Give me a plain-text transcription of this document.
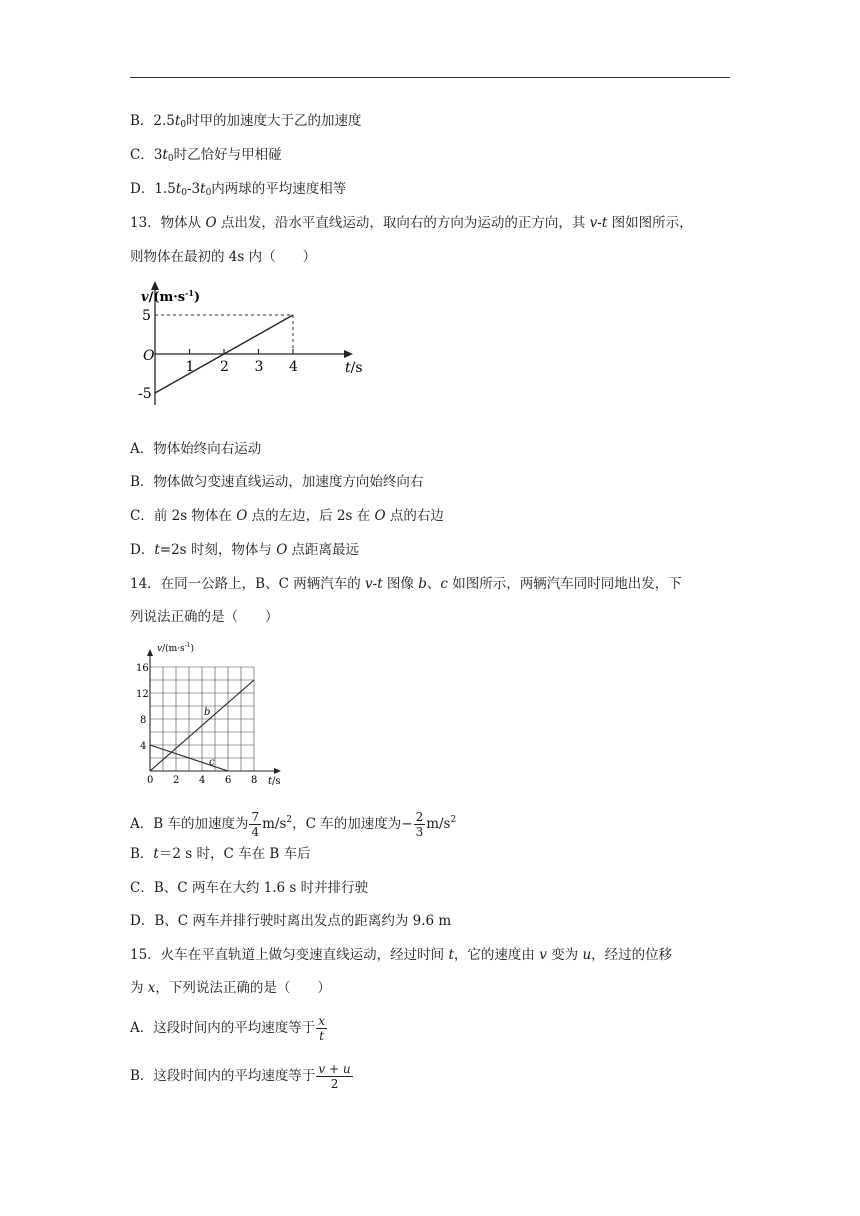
B．$2.5t_0$时甲的加速度大于乙的加速度
C．$3t_0$时乙恰好与甲相碰
D．$1.5t_0-3t_0$内两球的平均速度相等
13．物体从 O 点出发，沿水平直线运动，取向右的方向为运动的正方向，其 v-t 图如图所示，
则物体在最初的 4s 内（　　）
1 2 3 4
5
-5
$v/(m\cdot s^{-1})$
O
t/s
A．物体始终向右运动
B．物体做匀变速直线运动，加速度方向始终向右
C．前 2s 物体在 O 点的左边，后 2s 在 O 点的右边
D．t=2s 时刻，物体与 O 点距离最远
14．在同一公路上，B、C 两辆汽车的 v-t 图像 b、c 如图所示，两辆汽车同时同地出发，下
列说法正确的是（　　）
0 2 4 6 8
4
8
12
16
b
c
$v/(m\cdot s^{-1})$
t/s
A．B 车的加速度为 $\frac{7}{4} m/s^2$，C 车的加速度为− $\frac{2}{3} m/s^2$
B．t＝2 s 时，C 车在 B 车后
C．B、C 两车在大约 1.6 s 时并排行驶
D．B、C 两车并排行驶时离出发点的距离约为 9.6 m
15．火车在平直轨道上做匀变速直线运动，经过时间 t，它的速度由 v 变为 u，经过的位移
为 x，下列说法正确的是（　　）
A．这段时间内的平均速度等于 $\frac{x}{t}$
B．这段时间内的平均速度等于 $\frac{v + u}{2}$
